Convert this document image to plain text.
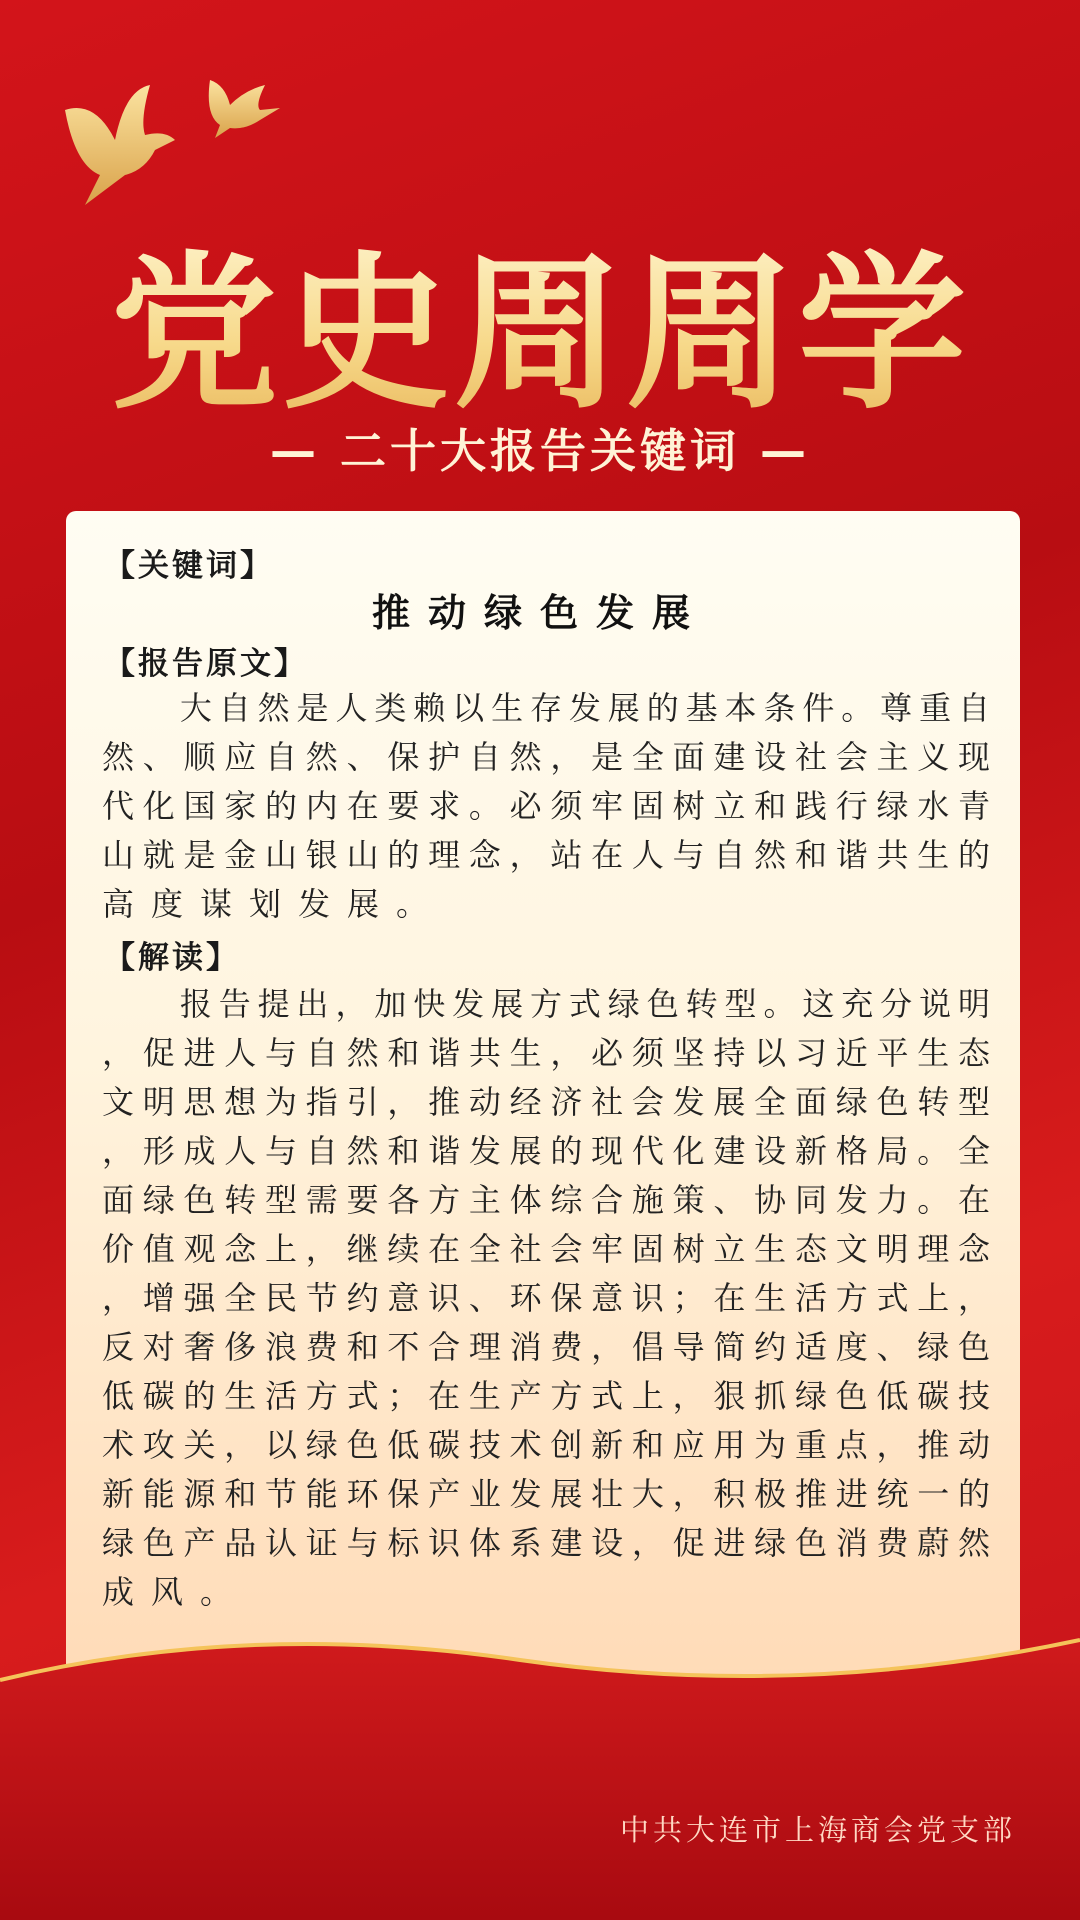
党史周周学
— 二十大报告关键词 —
【关键词】
推动绿色发展
【报告原文】
　　大自然是人类赖以生存发展的基本条件。尊重自
然、顺应自然、保护自然，是全面建设社会主义现
代化国家的内在要求。必须牢固树立和践行绿水青
山就是金山银山的理念，站在人与自然和谐共生的
高度谋划发展。
【解读】
　　报告提出，加快发展方式绿色转型。这充分说明
，促进人与自然和谐共生，必须坚持以习近平生态
文明思想为指引，推动经济社会发展全面绿色转型
，形成人与自然和谐发展的现代化建设新格局。全
面绿色转型需要各方主体综合施策、协同发力。在
价值观念上，继续在全社会牢固树立生态文明理念
，增强全民节约意识、环保意识；在生活方式上，
反对奢侈浪费和不合理消费，倡导简约适度、绿色
低碳的生活方式；在生产方式上，狠抓绿色低碳技
术攻关，以绿色低碳技术创新和应用为重点，推动
新能源和节能环保产业发展壮大，积极推进统一的
绿色产品认证与标识体系建设，促进绿色消费蔚然
成风。
中共大连市上海商会党支部
